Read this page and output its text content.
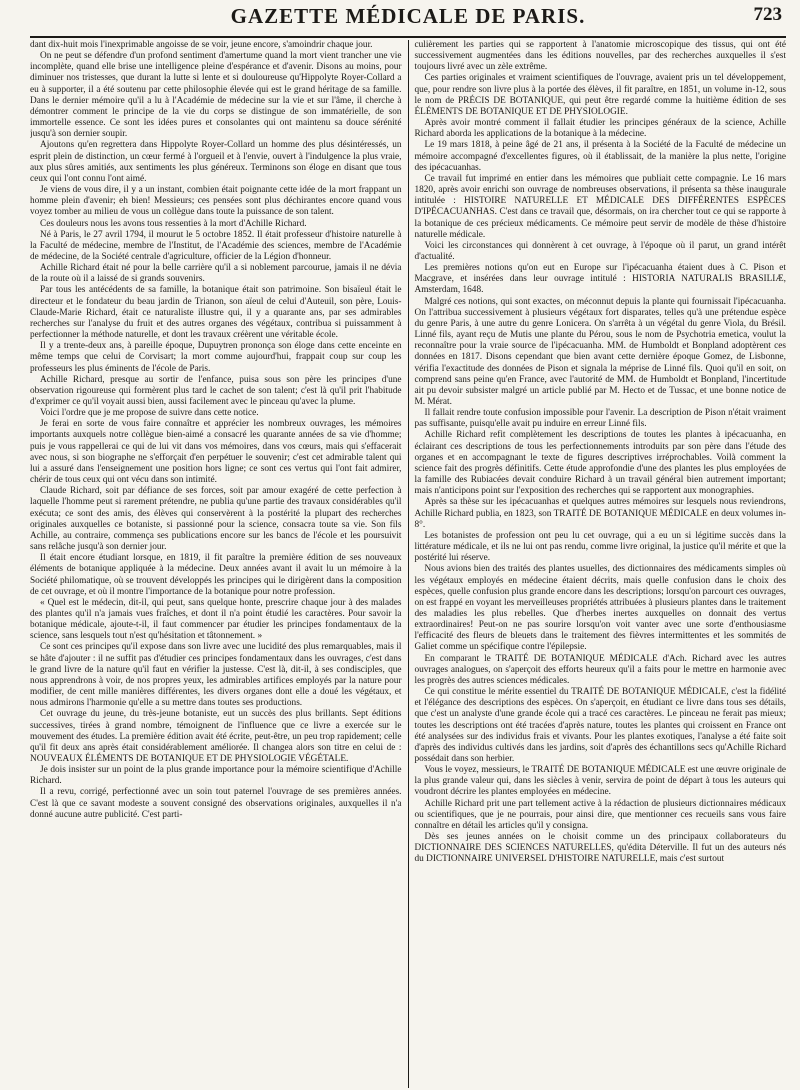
GAZETTE MÉDICALE DE PARIS.	723

dant dix-huit mois l'inexprimable angoisse de se voir, jeune encore, s'amoindrir chaque jour.

On ne peut se défendre d'un profond sentiment d'amertume quand la mort vient trancher une vie incomplète, quand elle brise une intelligence pleine d'espérance et d'avenir. Disons au moins, pour diminuer nos tristesses, que durant la lutte si lente et si douloureuse qu'Hippolyte Royer-Collard a eu à supporter, il a été soutenu par cette philosophie élevée qui est le grand héritage de sa famille. Dans le dernier mémoire qu'il a lu à l'Académie de médecine sur la vie et sur l'âme, il cherche à démontrer comment le principe de la vie du corps se distingue de son immatérielle, de son immortelle essence. Ce sont les idées pures et consolantes qui ont maintenu sa douce sérénité jusqu'à son dernier soupir.

Ajoutons qu'en regrettera dans Hippolyte Royer-Collard un homme des plus désintéressés, un esprit plein de distinction, un cœur fermé à l'orgueil et à l'envie, ouvert à l'indulgence la plus vraie, aux plus sûres amitiés, aux sentiments les plus généreux. Terminons son éloge en disant que tous ceux qui l'ont connu l'ont aimé.

Je viens de vous dire, il y a un instant, combien était poignante cette idée de la mort frappant un homme plein d'avenir; eh bien! Messieurs; ces pensées sont plus déchirantes encore quand vous voyez tomber au milieu de vous un collègue dans toute la puissance de son talent.

Ces douleurs nous les avons tous ressenties à la mort d'Achille Richard.

Né à Paris, le 27 avril 1794, il mourut le 5 octobre 1852. Il était professeur d'histoire naturelle à la Faculté de médecine, membre de l'Institut, de l'Académie des sciences, membre de l'Académie de médecine, de la Société centrale d'agriculture, officier de la Légion d'honneur.

Achille Richard était né pour la belle carrière qu'il a si noblement parcourue, jamais il ne dévia de la route où il a laissé de si grands souvenirs.

Par tous les antécédents de sa famille, la botanique était son patrimoine. Son bisaïeul était le directeur et le fondateur du beau jardin de Trianon, son aïeul de celui d'Auteuil, son père, Louis-Claude-Marie Richard, était ce naturaliste illustre qui, il y a quarante ans, par ses admirables recherches sur l'analyse du fruit et des autres organes des végétaux, contribua si puissamment à perfectionner la méthode naturelle, et dont les travaux créèrent une véritable école.

Il y a trente-deux ans, à pareille époque, Dupuytren prononça son éloge dans cette enceinte en même temps que celui de Corvisart; la mort comme aujourd'hui, frappait coup sur coup les professeurs les plus éminents de l'école de Paris.

Achille Richard, presque au sortir de l'enfance, puisa sous son père les principes d'une observation rigoureuse qui formèrent plus tard le cachet de son talent; c'est là qu'il prit l'habitude d'exprimer ce qu'il voyait aussi bien, aussi facilement avec le pinceau qu'avec la plume.

Voici l'ordre que je me propose de suivre dans cette notice.

Je ferai en sorte de vous faire connaître et apprécier les nombreux ouvrages, les mémoires importants auxquels notre collègue bien-aimé a consacré les quarante années de sa vie d'homme; puis je vous rappellerai ce qui de lui vit dans vos mémoires, dans vos cœurs, mais qui s'effacerait avec nous, si son biographe ne s'efforçait d'en perpétuer le souvenir; c'est cet admirable talent qui lui a assuré dans l'enseignement une position hors ligne; ce sont ces vertus qui l'ont fait admirer, chérir de tous ceux qui ont vécu dans son intimité.

Claude Richard, soit par défiance de ses forces, soit par amour exagéré de cette perfection à laquelle l'homme peut si rarement prétendre, ne publia qu'une partie des travaux considérables qu'il exécuta; ce sont des amis, des élèves qui conservèrent à la postérité la plupart des recherches originales auxquelles ce botaniste, si passionné pour la science, consacra toute sa vie. Son fils Achille, au contraire, commença ses publications encore sur les bancs de l'école et les poursuivit sans relâche jusqu'à son dernier jour.

Il était encore étudiant lorsque, en 1819, il fit paraître la première édition de ses nouveaux éléments de botanique appliquée à la médecine. Deux années avant il avait lu un mémoire à la Société philomatique, où se trouvent développés les principes qui le dirigèrent dans la composition de cet ouvrage, et où il montre l'importance de la botanique pour notre profession.

« Quel est le médecin, dit-il, qui peut, sans quelque honte, prescrire chaque jour à des malades des plantes qu'il n'a jamais vues fraîches, et dont il n'a point étudié les caractères. Pour savoir la botanique médicale, ajoute-t-il, il faut commencer par étudier les principes fondamentaux de la science, sans lesquels tout n'est qu'hésitation et tâtonnement. »

Ce sont ces principes qu'il expose dans son livre avec une lucidité des plus remarquables, mais il se hâte d'ajouter : il ne suffit pas d'étudier ces principes fondamentaux dans les ouvrages, c'est dans le grand livre de la nature qu'il faut en vérifier la justesse. C'est là, dit-il, à ses condisciples, que nous apprendrons à voir, de nos propres yeux, les admirables artifices employés par la nature pour modifier, de cent mille manières différentes, les divers organes dont elle a doué les végétaux, et nous admirons l'harmonie qu'elle a su mettre dans toutes ses productions.

Cet ouvrage du jeune, du très-jeune botaniste, eut un succès des plus brillants. Sept éditions successives, tirées à grand nombre, témoignent de l'influence que ce livre a exercée sur le mouvement des études. La première édition avait été écrite, peut-être, un peu trop rapidement; celle qu'il fit deux ans après était considérablement améliorée. Il changea alors son titre en celui de : NOUVEAUX ÉLÉMENTS DE BOTANIQUE ET DE PHYSIOLOGIE VÉGÉTALE.

Je dois insister sur un point de la plus grande importance pour la mémoire scientifique d'Achille Richard.

Il a revu, corrigé, perfectionné avec un soin tout paternel l'ouvrage de ses premières années. C'est là que ce savant modeste a souvent consigné des observations originales, auxquelles il n'a donné aucune autre publicité. C'est parti-

culièrement les parties qui se rapportent à l'anatomie microscopique des tissus, qui ont été successivement augmentées dans les éditions nouvelles, par des recherches auxquelles il s'est toujours livré avec un zèle extrême.

Ces parties originales et vraiment scientifiques de l'ouvrage, avaient pris un tel développement, que, pour rendre son livre plus à la portée des élèves, il fit paraître, en 1851, un volume in-12, sous le nom de PRÉCIS DE BOTANIQUE, qui peut être regardé comme la huitième édition de ses ÉLÉMENTS DE BOTANIQUE ET DE PHYSIOLOGIE.

Après avoir montré comment il fallait étudier les principes généraux de la science, Achille Richard aborda les applications de la botanique à la médecine.

Le 19 mars 1818, à peine âgé de 21 ans, il présenta à la Société de la Faculté de médecine un mémoire accompagné d'excellentes figures, où il établissait, de la manière la plus nette, l'origine des ipécacuanhas.

Ce travail fut imprimé en entier dans les mémoires que publiait cette compagnie. Le 16 mars 1820, après avoir enrichi son ouvrage de nombreuses observations, il présenta sa thèse inaugurale intitulée : HISTOIRE NATURELLE ET MÉDICALE DES DIFFÉRENTES ESPÈCES D'IPÉCACUANHAS. C'est dans ce travail que, désormais, on ira chercher tout ce qui se rapporte à la botanique de ces précieux médicaments. Ce mémoire peut servir de modèle de thèse d'histoire naturelle médicale.

Voici les circonstances qui donnèrent à cet ouvrage, à l'époque où il parut, un grand intérêt d'actualité.

Les premières notions qu'on eut en Europe sur l'ipécacuanha étaient dues à C. Pison et Macgrave, et insérées dans leur ouvrage intitulé : HISTORIA NATURALIS BRASILIÆ, Amsterdam, 1648.

Malgré ces notions, qui sont exactes, on méconnut depuis la plante qui fournissait l'ipécacuanha. On l'attribua successivement à plusieurs végétaux fort disparates, telles qu'à une prétendue espèce du genre Paris, à une autre du genre Lonicera. On s'arrêta à un végétal du genre Viola, du Brésil. Linné fils, ayant reçu de Mutis une plante du Pérou, sous le nom de Psychotria emetica, voulut la reconnaître pour la vraie source de l'ipécacuanha. MM. de Humboldt et Bonpland adoptèrent ces données en 1817. Disons cependant que bien avant cette dernière époque Gomez, de Lisbonne, vérifia l'exactitude des données de Pison et signala la méprise de Linné fils. Quoi qu'il en soit, on comprend sans peine qu'en France, avec l'autorité de MM. de Humboldt et Bonpland, l'incertitude ait pu devoir subsister malgré un article publié par M. Hecto et de Tussac, et une bonne notice de M. Mérat.

Il fallait rendre toute confusion impossible pour l'avenir. La description de Pison n'était vraiment pas suffisante, puisqu'elle avait pu induire en erreur Linné fils.

Achille Richard refit complètement les descriptions de toutes les plantes à ipécacuanha, en éclairant ces descriptions de tous les perfectionnements introduits par son père dans l'étude des organes et en accompagnant le texte de figures descriptives irréprochables. Voilà comment la science fait des progrès définitifs. Cette étude approfondie d'une des plantes les plus employées de la famille des Rubiacées devait conduire Richard à un travail général bien autrement important; mais n'anticipons point sur l'exposition des recherches qui se rapportent aux monographies.

Après sa thèse sur les ipécacuanhas et quelques autres mémoires sur lesquels nous reviendrons, Achille Richard publia, en 1823, son TRAITÉ DE BOTANIQUE MÉDICALE en deux volumes in-8°.

Les botanistes de profession ont peu lu cet ouvrage, qui a eu un si légitime succès dans la littérature médicale, et ils ne lui ont pas rendu, comme livre original, la justice qu'il mérite et que la postérité lui réserve.

Nous avions bien des traités des plantes usuelles, des dictionnaires des médicaments simples où les végétaux employés en médecine étaient décrits, mais quelle confusion dans le choix des espèces, quelle confusion plus grande encore dans les descriptions; lorsqu'on parcourt ces ouvrages, on est frappé en voyant les merveilleuses propriétés attribuées à plusieurs plantes dans le traitement des maladies les plus rebelles. Que d'herbes inertes auxquelles on donnait des vertus extraordinaires! Peut-on ne pas sourire lorsqu'on voit vanter avec une sorte d'enthousiasme l'efficacité des fleurs de bleuets dans le traitement des fièvres intermittentes et les sommités de Galiet comme un spécifique contre l'épilepsie.

En comparant le TRAITÉ DE BOTANIQUE MÉDICALE d'Ach. Richard avec les autres ouvrages analogues, on s'aperçoit des efforts heureux qu'il a faits pour le mettre en harmonie avec les progrès des autres sciences médicales.

Ce qui constitue le mérite essentiel du TRAITÉ DE BOTANIQUE MÉDICALE, c'est la fidélité et l'élégance des descriptions des espèces. On s'aperçoit, en étudiant ce livre dans tous ses détails, que c'est un analyste d'une grande école qui a tracé ces caractères. Le pinceau ne ferait pas mieux; toutes les descriptions ont été tracées d'après nature, toutes les plantes qui croissent en France ont été analysées sur des individus frais et vivants. Pour les plantes exotiques, l'analyse a été faite soit d'après des individus cultivés dans les jardins, soit d'après des échantillons secs qu'Achille Richard possédait dans son herbier.

Vous le voyez, messieurs, le TRAITÉ DE BOTANIQUE MÉDICALE est une œuvre originale de la plus grande valeur qui, dans les siècles à venir, servira de point de départ à tous les auteurs qui voudront décrire les plantes employées en médecine.

Achille Richard prit une part tellement active à la rédaction de plusieurs dictionnaires médicaux ou scientifiques, que je ne pourrais, pour ainsi dire, que mentionner ces recueils sans vous faire connaître en détail les articles qu'il y consigna.

Dès ses jeunes années on le choisit comme un des principaux collaborateurs du DICTIONNAIRE DES SCIENCES NATURELLES, qu'édita Déterville. Il fut un des auteurs nés du DICTIONNAIRE UNIVERSEL D'HISTOIRE NATURELLE, mais c'est surtout
